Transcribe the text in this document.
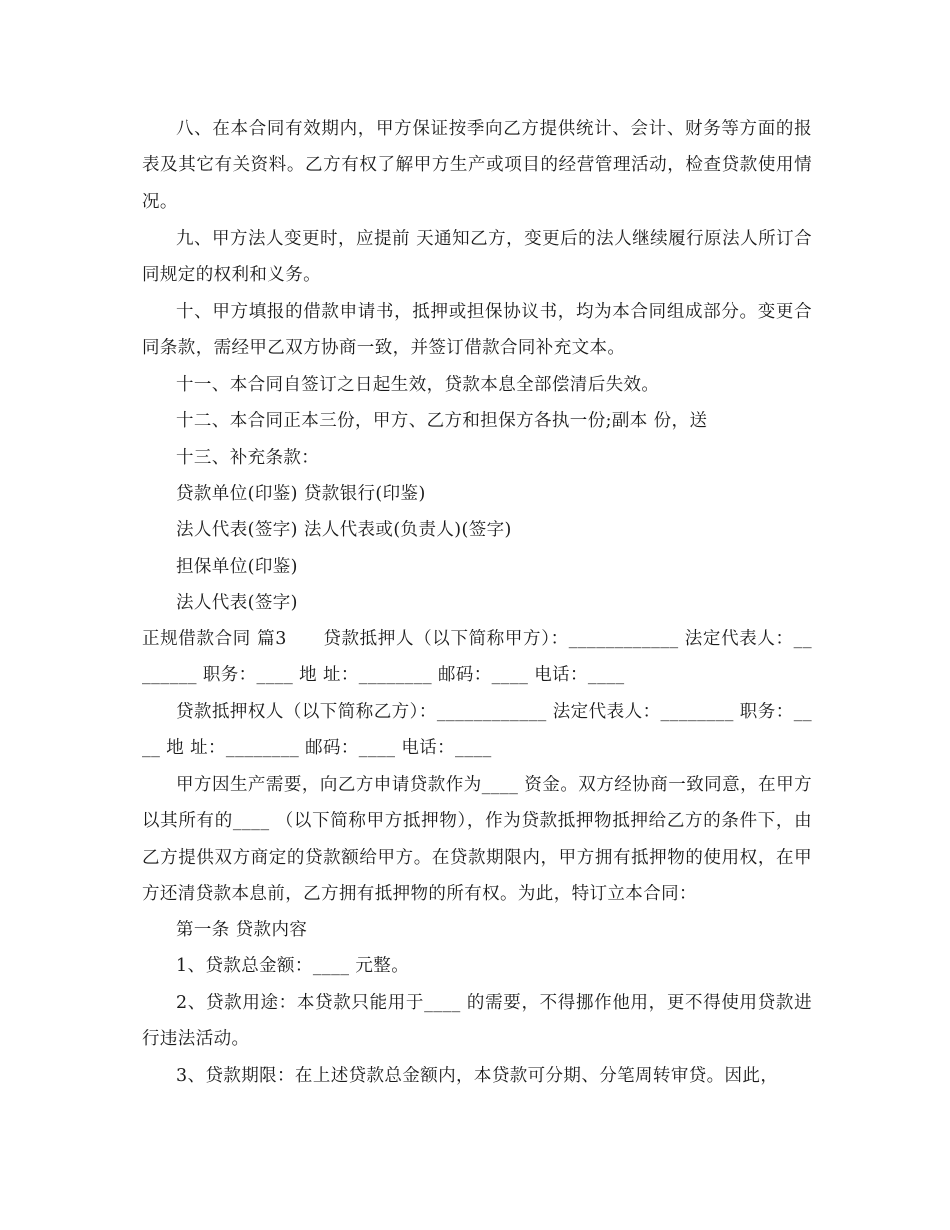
八、在本合同有效期内，甲方保证按季向乙方提供统计、会计、财务等方面的报表及其它有关资料。乙方有权了解甲方生产或项目的经营管理活动，检查贷款使用情况。

九、甲方法人变更时，应提前 天通知乙方，变更后的法人继续履行原法人所订合同规定的权利和义务。

十、甲方填报的借款申请书，抵押或担保协议书，均为本合同组成部分。变更合同条款，需经甲乙双方协商一致，并签订借款合同补充文本。

十一、本合同自签订之日起生效，贷款本息全部偿清后失效。

十二、本合同正本三份，甲方、乙方和担保方各执一份;副本 份，送

十三、补充条款：

贷款单位(印鉴) 贷款银行(印鉴)

法人代表(签字) 法人代表或(负责人)(签字)

担保单位(印鉴)

法人代表(签字)

正规借款合同 篇3　　贷款抵押人（以下简称甲方）：____________ 法定代表人：________ 职务：____ 地 址：________ 邮码：____ 电话：____

贷款抵押权人（以下简称乙方）：____________ 法定代表人：________ 职务：____ 地 址：________ 邮码：____ 电话：____

甲方因生产需要，向乙方申请贷款作为____ 资金。双方经协商一致同意，在甲方以其所有的____ （以下简称甲方抵押物），作为贷款抵押物抵押给乙方的条件下，由乙方提供双方商定的贷款额给甲方。在贷款期限内，甲方拥有抵押物的使用权，在甲方还清贷款本息前，乙方拥有抵押物的所有权。为此，特订立本合同：

第一条 贷款内容

1、贷款总金额：____ 元整。

2、贷款用途：本贷款只能用于____ 的需要，不得挪作他用，更不得使用贷款进行违法活动。

3、贷款期限：在上述贷款总金额内，本贷款可分期、分笔周转审贷。因此，
